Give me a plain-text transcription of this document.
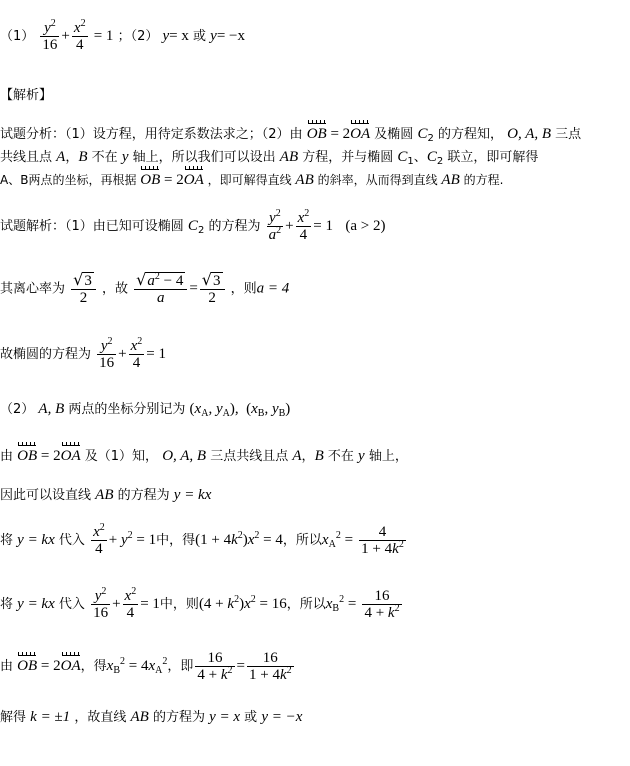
$(1) \frac{y^2}{16} + \frac{x^2}{4} = 1$ ；（2） y= x 或 y= −x
【解析】
试题分析：（1）设方程，用待定系数法求之；（2）由 OB = 2OA 及椭圆 $C_2$ 的方程知， O, A, B 三点
共线且点 A，B 不在 y 轴上，所以我们可以设出 AB 方程，并与椭圆 $C_1$、$C_2$ 联立，即可解得
A、B两点的坐标，再根据 OB = 2OA ，即可解得直线 AB 的斜率，从而得到直线 AB 的方程.
试题解析：（1）由已知可设椭圆 $C_2$ 的方程为 $\frac{y^2}{a^2} + \frac{x^2}{4} = 1$ (a > 2)
其离心率为 $\frac{√3}{2}$ ，故 $\frac{√a^2 - 4}{a} = \frac{√3}{2}$ ，则a = 4
故椭圆的方程为 $\frac{y^2}{16} + \frac{x^2}{4} = 1$
（2） A, B 两点的坐标分别记为 ($x_A$, $y_A$),  ($x_B$, $y_B$)
由 OB = 2OA 及（1）知， O, A, B 三点共线且点 A，B 不在 y 轴上，
因此可以设直线 AB 的方程为 y = kx
将 y = kx 代入 $\frac{x^2}{4} + y^2 = 1$中，得$(1 + 4k^2)x^2 = 4$，所以$x_A^2 = \frac{4}{1 + 4k^2}$
将 y = kx 代入 $\frac{y^2}{16} + \frac{x^2}{4} = 1$中，则$(4 + k^2)x^2 = 16$，所以$x_B^2 = \frac{16}{4 + k^2}$
由 OB = 2OA，得$x_B^2 = 4x_A^2$，即 $\frac{16}{4 + k^2} = \frac{16}{1 + 4k^2}$
解得 k = ±1 ，故直线 AB 的方程为 y = x 或 y = −x
